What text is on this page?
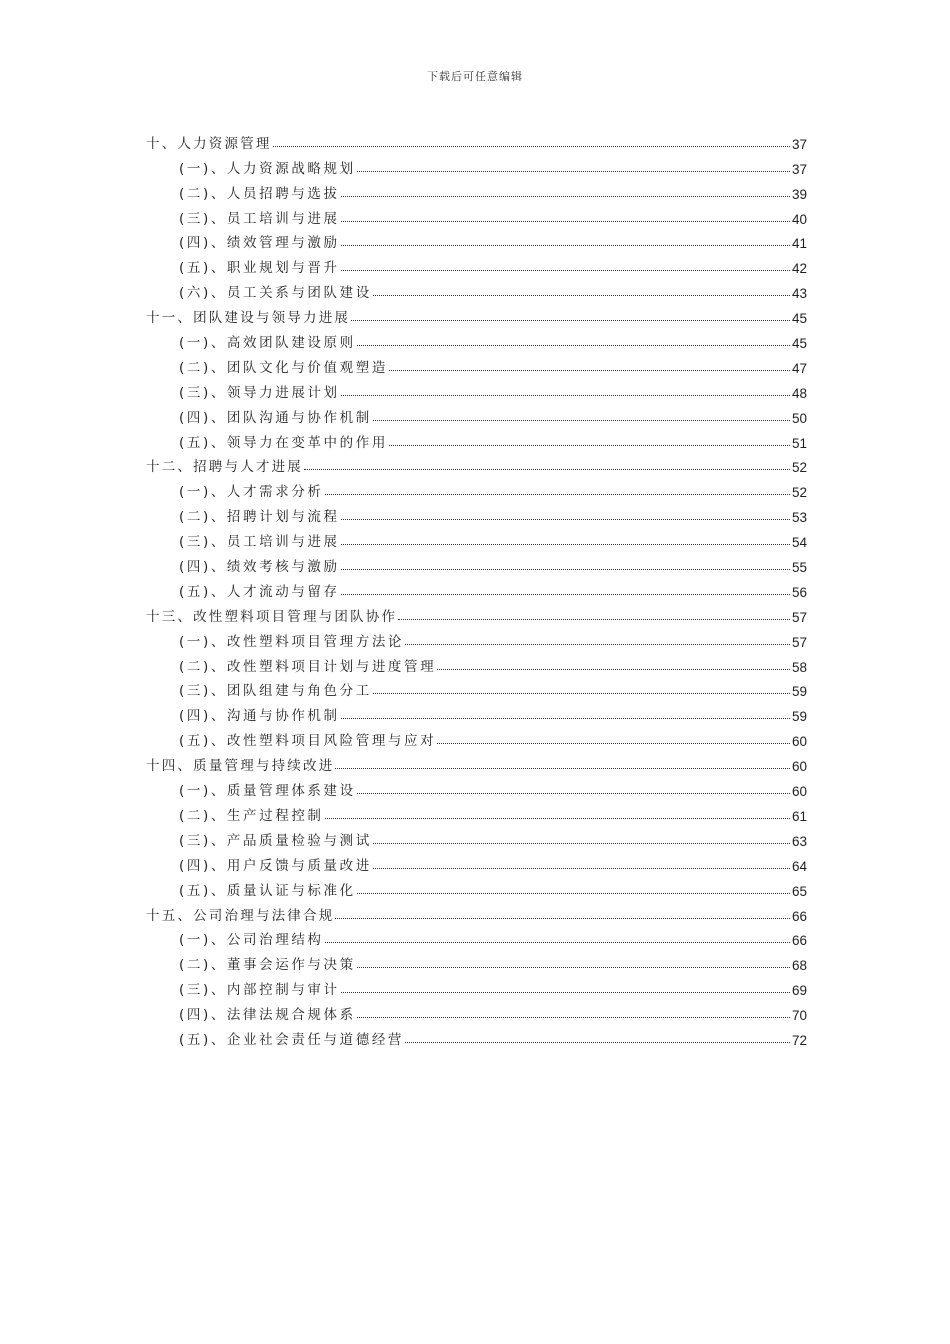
下载后可任意编辑
十、人力资源管理	37
(一)、人力资源战略规划	37
(二)、人员招聘与选拔	39
(三)、员工培训与进展	40
(四)、绩效管理与激励	41
(五)、职业规划与晋升	42
(六)、员工关系与团队建设	43
十一、团队建设与领导力进展	45
(一)、高效团队建设原则	45
(二)、团队文化与价值观塑造	47
(三)、领导力进展计划	48
(四)、团队沟通与协作机制	50
(五)、领导力在变革中的作用	51
十二、招聘与人才进展	52
(一)、人才需求分析	52
(二)、招聘计划与流程	53
(三)、员工培训与进展	54
(四)、绩效考核与激励	55
(五)、人才流动与留存	56
十三、改性塑料项目管理与团队协作	57
(一)、改性塑料项目管理方法论	57
(二)、改性塑料项目计划与进度管理	58
(三)、团队组建与角色分工	59
(四)、沟通与协作机制	59
(五)、改性塑料项目风险管理与应对	60
十四、质量管理与持续改进	60
(一)、质量管理体系建设	60
(二)、生产过程控制	61
(三)、产品质量检验与测试	63
(四)、用户反馈与质量改进	64
(五)、质量认证与标准化	65
十五、公司治理与法律合规	66
(一)、公司治理结构	66
(二)、董事会运作与决策	68
(三)、内部控制与审计	69
(四)、法律法规合规体系	70
(五)、企业社会责任与道德经营	72
